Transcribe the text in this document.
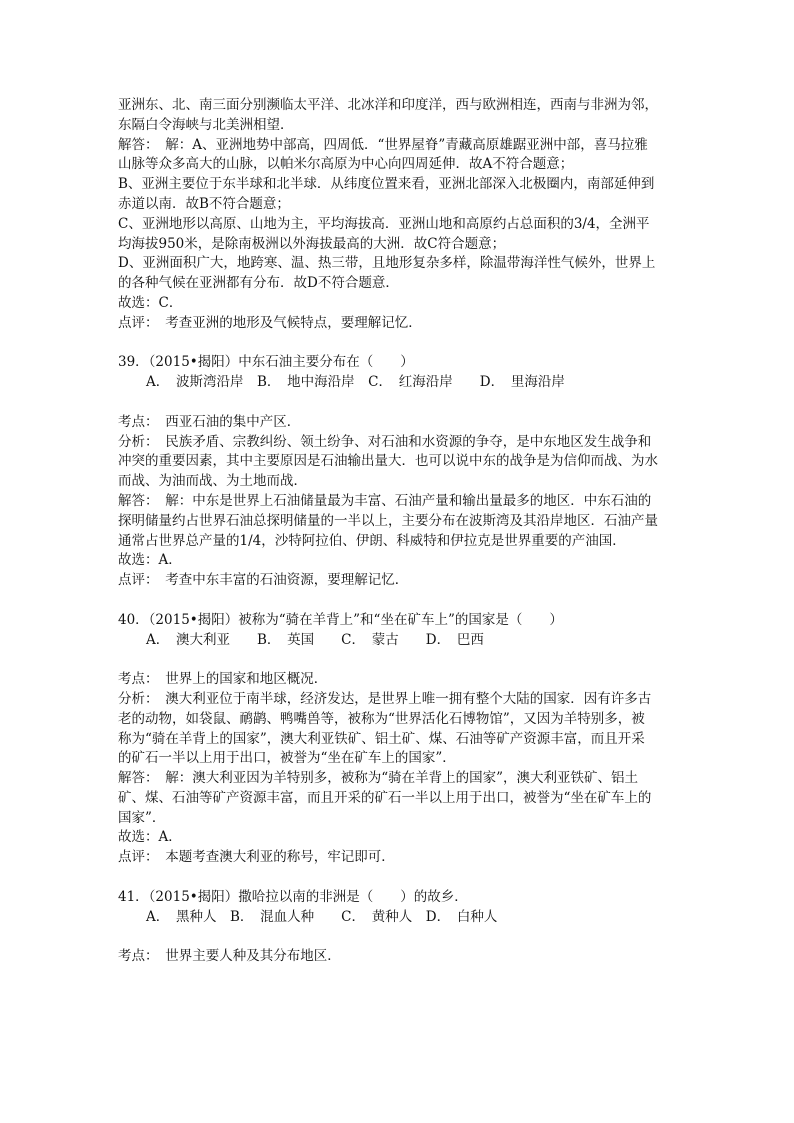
亚洲东、北、南三面分别濒临太平洋、北冰洋和印度洋，西与欧洲相连，西南与非洲为邻，
东隔白令海峡与北美洲相望．
解答：　解：A、亚洲地势中部高，四周低．“世界屋脊”青藏高原雄踞亚洲中部，喜马拉雅
山脉等众多高大的山脉，以帕米尔高原为中心向四周延伸．故A不符合题意；
B、亚洲主要位于东半球和北半球．从纬度位置来看，亚洲北部深入北极圈内，南部延伸到
赤道以南．故B不符合题意；
C、亚洲地形以高原、山地为主，平均海拔高．亚洲山地和高原约占总面积的3/4，全洲平
均海拔950米，是除南极洲以外海拔最高的大洲．故C符合题意；
D、亚洲面积广大，地跨寒、温、热三带，且地形复杂多样，除温带海洋性气候外，世界上
的各种气候在亚洲都有分布．故D不符合题意．
故选：C．
点评：　考查亚洲的地形及气候特点，要理解记忆．
39．（2015•揭阳）中东石油主要分布在（　　）
A．　波斯湾沿岸　B．　地中海沿岸　C．　红海沿岸　　D．　里海沿岸
考点：　西亚石油的集中产区．
分析：　民族矛盾、宗教纠纷、领土纷争、对石油和水资源的争夺，是中东地区发生战争和
冲突的重要因素，其中主要原因是石油输出量大．也可以说中东的战争是为信仰而战、为水
而战、为油而战、为土地而战．
解答：　解：中东是世界上石油储量最为丰富、石油产量和输出量最多的地区．中东石油的
探明储量约占世界石油总探明储量的一半以上，主要分布在波斯湾及其沿岸地区．石油产量
通常占世界总产量的1/4，沙特阿拉伯、伊朗、科威特和伊拉克是世界重要的产油国．
故选：A．
点评：　考查中东丰富的石油资源，要理解记忆．
40．（2015•揭阳）被称为“骑在羊背上”和“坐在矿车上”的国家是（　　）
A．　澳大利亚　　B．　英国　　C．　蒙古　　D．　巴西
考点：　世界上的国家和地区概况．
分析：　澳大利亚位于南半球，经济发达，是世界上唯一拥有整个大陆的国家．因有许多古
老的动物，如袋鼠、鸸鹋、鸭嘴兽等，被称为“世界活化石博物馆”，又因为羊特别多，被
称为“骑在羊背上的国家”，澳大利亚铁矿、铝土矿、煤、石油等矿产资源丰富，而且开采
的矿石一半以上用于出口，被誉为“坐在矿车上的国家”．
解答：　解：澳大利亚因为羊特别多，被称为“骑在羊背上的国家”，澳大利亚铁矿、铝土
矿、煤、石油等矿产资源丰富，而且开采的矿石一半以上用于出口，被誉为“坐在矿车上的
国家”．
故选：A．
点评：　本题考查澳大利亚的称号，牢记即可．
41．（2015•揭阳）撒哈拉以南的非洲是（　　）的故乡．
A．　黑种人　B．　混血人种　　C．　黄种人　D．　白种人
考点：　世界主要人种及其分布地区．
